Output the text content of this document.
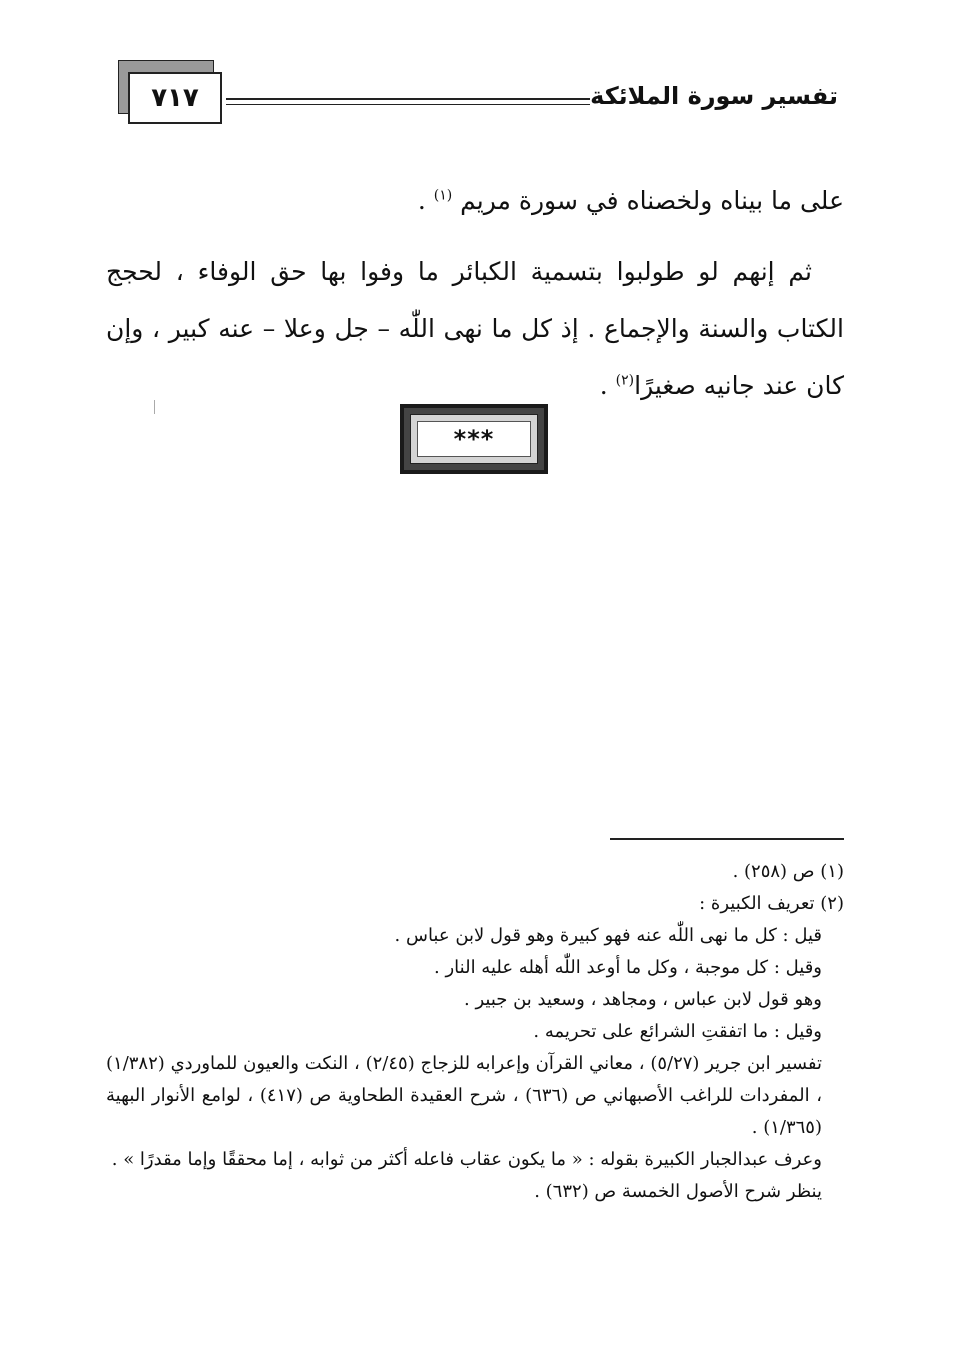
تفسير سورة الملائكة
٧١٧

على ما بيناه ولخصناه في سورة مريم $^{(١)}$ .

ثم إنهم لو طولبوا بتسمية الكبائر ما وفوا بها حق الوفاء ، لحجج الكتاب والسنة والإجماع . إذ كل ما نهى اللّٰه – جل وعلا – عنه كبير ، وإن كان عند جانيه صغيرًا$^{(٢)}$ .

***
(١) ص (٢٥٨) .
(٢) تعريف الكبيرة :
قيل : كل ما نهى اللّٰه عنه فهو كبيرة وهو قول لابن عباس .
وقيل : كل موجبة ، وكل ما أوعد اللّٰه أهله عليه النار .
وهو قول لابن عباس ، ومجاهد ، وسعيد بن جبير .
وقيل : ما اتفقتِ الشرائع على تحريمه .
تفسير ابن جرير (٥/٢٧) ، معاني القرآن وإعرابه للزجاج (٢/٤٥) ، النكت والعيون للماوردي (١/٣٨٢) ، المفردات للراغب الأصبهاني ص (٦٣٦) ، شرح العقيدة الطحاوية ص (٤١٧) ، لوامع الأنوار البهية (١/٣٦٥) .
وعرف عبدالجبار الكبيرة بقوله : « ما يكون عقاب فاعله أكثر من ثوابه ، إما محققًا وإما مقدرًا » .
ينظر شرح الأصول الخمسة ص (٦٣٢) .
